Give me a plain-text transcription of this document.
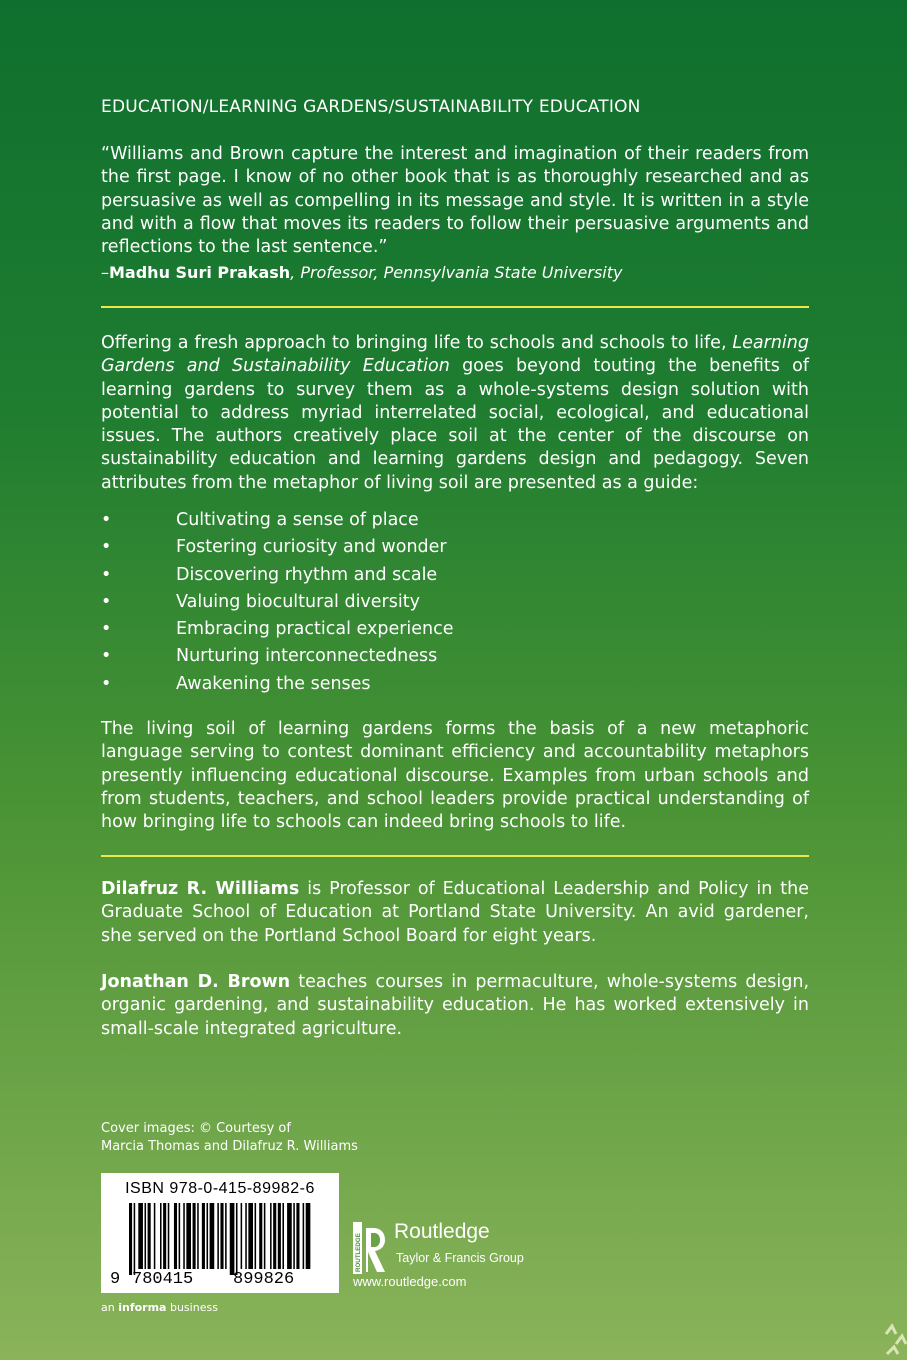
EDUCATION/LEARNING GARDENS/SUSTAINABILITY EDUCATION
“Williams and Brown capture the interest and imagination of their readers from the first page. I know of no other book that is as thoroughly researched and as persuasive as well as compelling in its message and style. It is written in a style and with a flow that moves its readers to follow their persuasive arguments and reflections to the last sentence.”
–Madhu Suri Prakash, Professor, Pennsylvania State University
Offering a fresh approach to bringing life to schools and schools to life, Learning Gardens and Sustainability Education goes beyond touting the benefits of learning gardens to survey them as a whole-systems design solution with potential to address myriad interrelated social, ecological, and educational issues. The authors creatively place soil at the center of the discourse on sustainability education and learning gardens design and pedagogy. Seven attributes from the metaphor of living soil are presented as a guide:
•	Cultivating a sense of place
•	Fostering curiosity and wonder
•	Discovering rhythm and scale
•	Valuing biocultural diversity
•	Embracing practical experience
•	Nurturing interconnectedness
•	Awakening the senses
The living soil of learning gardens forms the basis of a new metaphoric language serving to contest dominant efficiency and accountability metaphors presently influencing educational discourse. Examples from urban schools and from students, teachers, and school leaders provide practical understanding of how bringing life to schools can indeed bring schools to life.
Dilafruz R. Williams is Professor of Educational Leadership and Policy in the Graduate School of Education at Portland State University. An avid gardener, she served on the Portland School Board for eight years.
Jonathan D. Brown teaches courses in permaculture, whole-systems design, organic gardening, and sustainability education. He has worked extensively in small-scale integrated agriculture.
Cover images: © Courtesy of
Marcia Thomas and Dilafruz R. Williams
ISBN 978-0-415-89982-6
9 780415 899826
an informa business
ROUTLEDGE
Routledge
Taylor & Francis Group
www.routledge.com
